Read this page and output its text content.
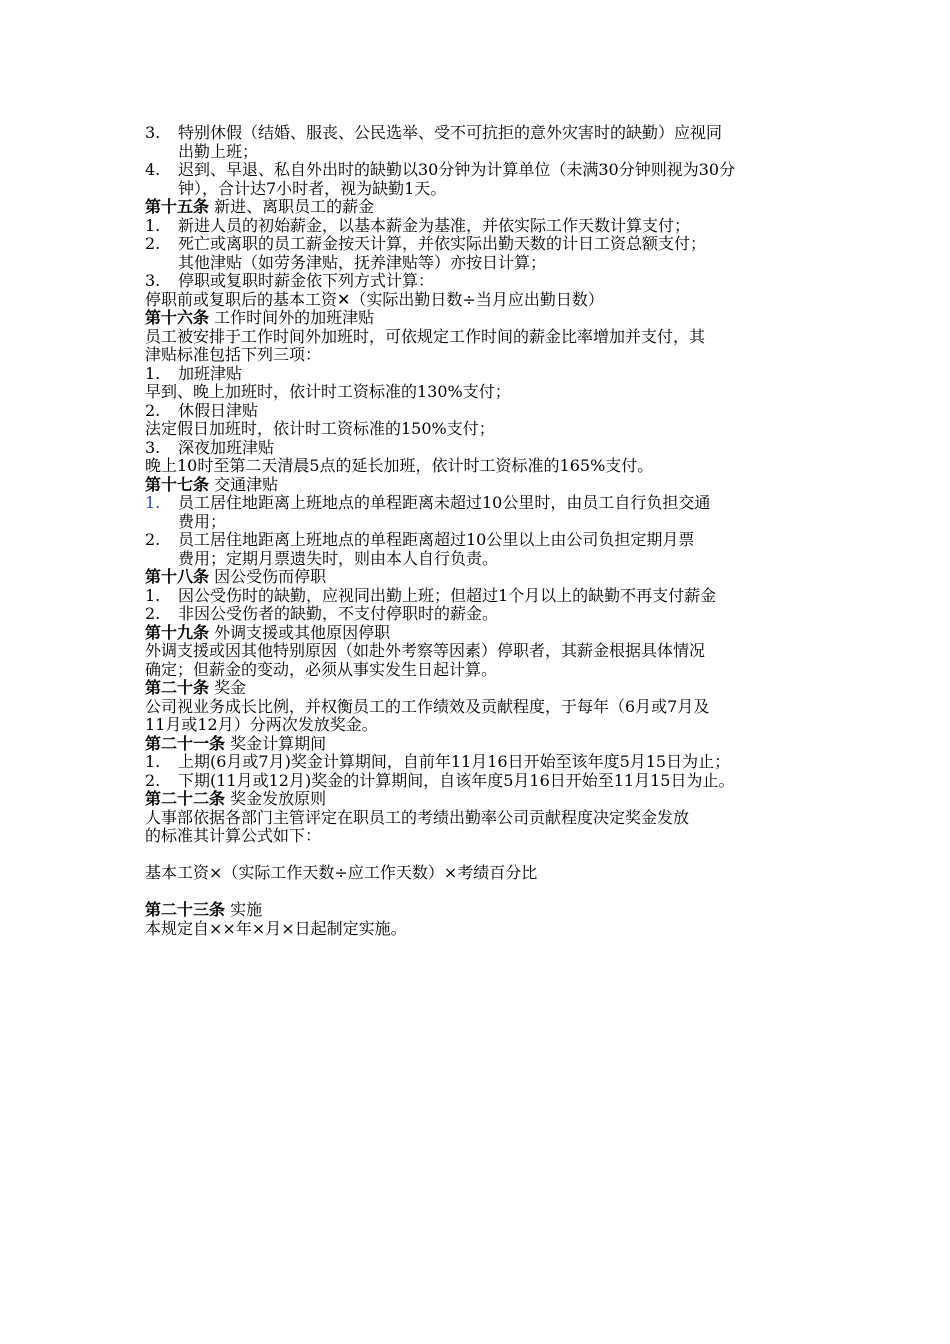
3. 特别休假（结婚、服丧、公民选举、受不可抗拒的意外灾害时的缺勤）应视同
出勤上班；
4. 迟到、早退、私自外出时的缺勤以30分钟为计算单位（未满30分钟则视为30分
钟），合计达7小时者，视为缺勤1天。
第十五条 新进、离职员工的薪金
1. 新进人员的初始薪金，以基本薪金为基准，并依实际工作天数计算支付；
2. 死亡或离职的员工薪金按天计算，并依实际出勤天数的计日工资总额支付；
其他津贴（如劳务津贴，抚养津贴等）亦按日计算；
3. 停职或复职时薪金依下列方式计算：
停职前或复职后的基本工资✕（实际出勤日数÷当月应出勤日数）
第十六条 工作时间外的加班津贴
员工被安排于工作时间外加班时，可依规定工作时间的薪金比率增加并支付，其
津贴标准包括下列三项：
1. 加班津贴
早到、晚上加班时，依计时工资标准的130%支付；
2. 休假日津贴
法定假日加班时，依计时工资标准的150%支付；
3. 深夜加班津贴
晚上10时至第二天清晨5点的延长加班，依计时工资标准的165%支付。
第十七条 交通津贴
1. 员工居住地距离上班地点的单程距离未超过10公里时，由员工自行负担交通
费用；
2. 员工居住地距离上班地点的单程距离超过10公里以上由公司负担定期月票
费用；定期月票遗失时，则由本人自行负责。
第十八条 因公受伤而停职
1. 因公受伤时的缺勤，应视同出勤上班；但超过1个月以上的缺勤不再支付薪金
2. 非因公受伤者的缺勤，不支付停职时的薪金。
第十九条 外调支援或其他原因停职
外调支援或因其他特别原因（如赴外考察等因素）停职者，其薪金根据具体情况
确定；但薪金的变动，必须从事实发生日起计算。
第二十条 奖金
公司视业务成长比例，并权衡员工的工作绩效及贡献程度，于每年（6月或7月及
11月或12月）分两次发放奖金。
第二十一条 奖金计算期间
1. 上期(6月或7月)奖金计算期间，自前年11月16日开始至该年度5月15日为止；
2. 下期(11月或12月)奖金的计算期间，自该年度5月16日开始至11月15日为止。
第二十二条 奖金发放原则
人事部依据各部门主管评定在职员工的考绩出勤率公司贡献程度决定奖金发放
的标准其计算公式如下：
基本工资×（实际工作天数÷应工作天数）×考绩百分比
第二十三条 实施
本规定自××年×月×日起制定实施。
